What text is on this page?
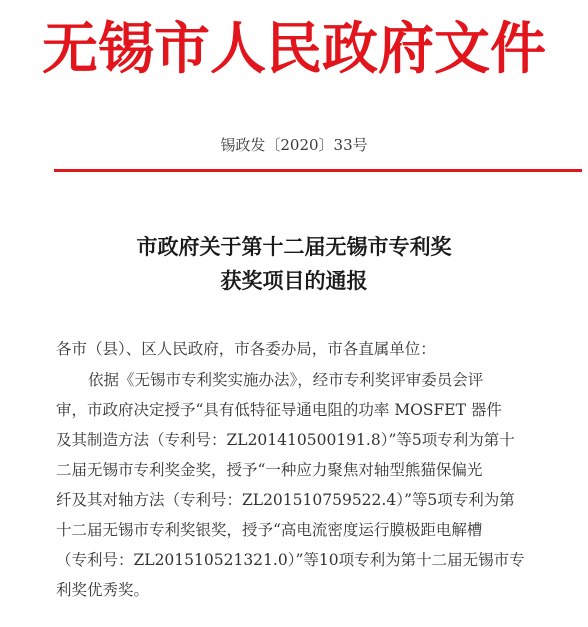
无锡市人民政府文件
锡政发〔2020〕33号
市政府关于第十二届无锡市专利奖
获奖项目的通报
各市（县）、区人民政府，市各委办局，市各直属单位：
依据《无锡市专利奖实施办法》，经市专利奖评审委员会评
审，市政府决定授予“具有低特征导通电阻的功率 MOSFET 器件
及其制造方法（专利号：ZL201410500191.8）”等5项专利为第十
二届无锡市专利奖金奖，授予“一种应力聚焦对轴型熊猫保偏光
纤及其对轴方法（专利号：ZL201510759522.4）”等5项专利为第
十二届无锡市专利奖银奖，授予“高电流密度运行膜极距电解槽
（专利号：ZL201510521321.0）”等10项专利为第十二届无锡市专
利奖优秀奖。
